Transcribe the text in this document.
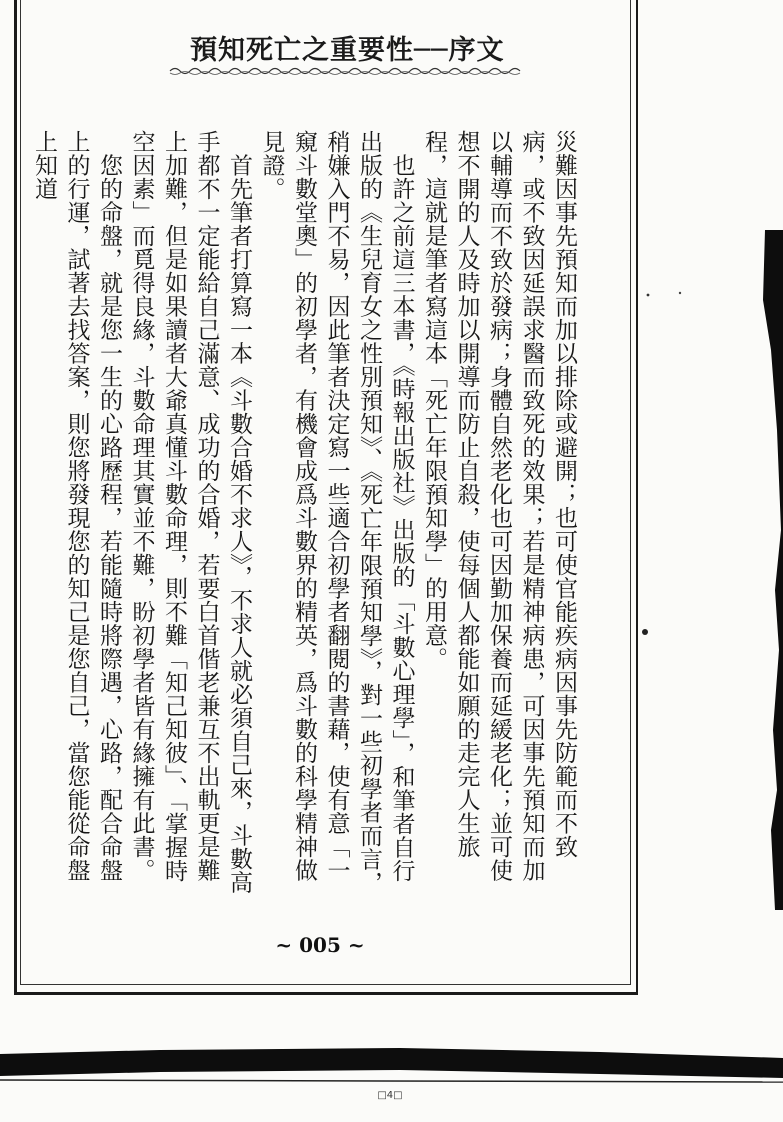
預知死亡之重要性──序文

災難因事先預知而加以排除或避開；也可使官能疾病因事先防範而不致病，或不致因延誤求醫而致死的效果；若是精神病患，可因事先預知而加以輔導而不致於發病；身體自然老化也可因勤加保養而延緩老化；並可使想不開的人及時加以開導而防止自殺，使每個人都能如願的走完人生旅程，這就是筆者寫這本「死亡年限預知學」的用意。

　也許之前這三本書，《時報出版社》出版的「斗數心理學」，和筆者自行出版的《生兒育女之性別預知》、《死亡年限預知學》，對一些初學者而言，稍嫌入門不易，因此筆者決定寫一些適合初學者翻閱的書藉，使有意「一窺斗數堂奧」的初學者，有機會成爲斗數界的精英，爲斗數的科學精神做見證。

　首先筆者打算寫一本《斗數合婚不求人》，不求人就必須自己來，斗數高手都不一定能給自己滿意、成功的合婚，若要白首偕老兼互不出軌更是難上加難，但是如果讀者大爺真懂斗數命理，則不難「知己知彼」、「掌握時空因素」而覓得良緣，斗數命理其實並不難，盼初學者皆有緣擁有此書。

　您的命盤，就是您一生的心路歷程，若能隨時將際遇，心路，配合命盤上的行運，試著去找答案，則您將發現您的知己是您自己，當您能從命盤上知道

~ 005 ~
□4□
